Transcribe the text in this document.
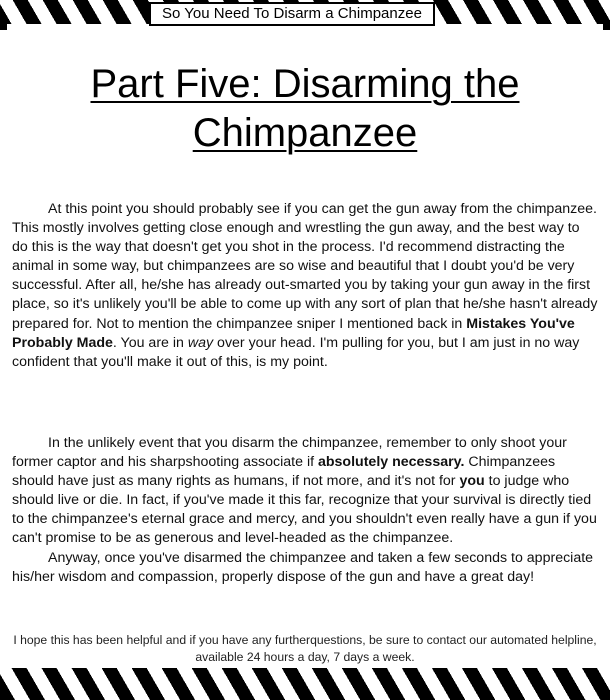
Part Five: Disarming the Chimpanzee
At this point you should probably see if you can get the gun away from the chimpanzee. This mostly involves getting close enough and wrestling the gun away, and the best way to do this is the way that doesn't get you shot in the process. I'd recommend distracting the animal in some way, but chimpanzees are so wise and beautiful that I doubt you'd be very successful. After all, he/she has already out-smarted you by taking your gun away in the first place, so it's unlikely you'll be able to come up with any sort of plan that he/she hasn't already prepared for. Not to mention the chimpanzee sniper I mentioned back in Mistakes You've Probably Made. You are in way over your head. I'm pulling for you, but I am just in no way confident that you'll make it out of this, is my point.
In the unlikely event that you disarm the chimpanzee, remember to only shoot your former captor and his sharpshooting associate if absolutely necessary. Chimpanzees should have just as many rights as humans, if not more, and it's not for you to judge who should live or die. In fact, if you've made it this far, recognize that your survival is directly tied to the chimpanzee's eternal grace and mercy, and you shouldn't even really have a gun if you can't promise to be as generous and level-headed as the chimpanzee.
Anyway, once you've disarmed the chimpanzee and taken a few seconds to appreciate his/her wisdom and compassion, properly dispose of the gun and have a great day!
I hope this has been helpful and if you have any furtherquestions, be sure to contact our automated helpline, available 24 hours a day, 7 days a week.
So You Need To Disarm a Chimpanzee
